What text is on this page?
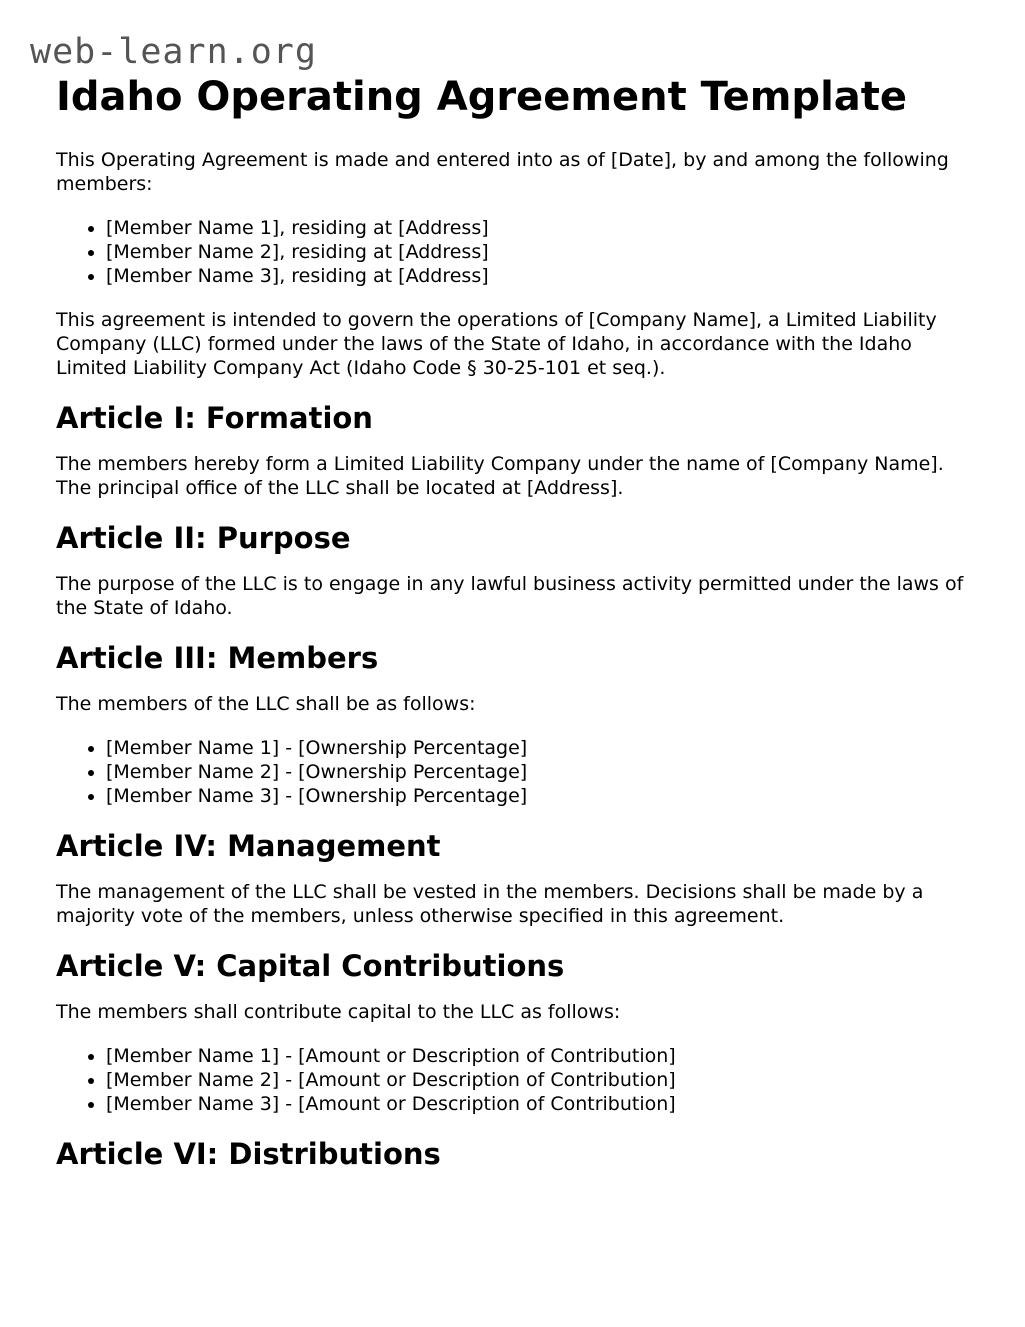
web-learn.org
Idaho Operating Agreement Template

This Operating Agreement is made and entered into as of [Date], by and among the following members:

• [Member Name 1], residing at [Address]
• [Member Name 2], residing at [Address]
• [Member Name 3], residing at [Address]

This agreement is intended to govern the operations of [Company Name], a Limited Liability Company (LLC) formed under the laws of the State of Idaho, in accordance with the Idaho Limited Liability Company Act (Idaho Code § 30-25-101 et seq.).

Article I: Formation

The members hereby form a Limited Liability Company under the name of [Company Name]. The principal office of the LLC shall be located at [Address].

Article II: Purpose

The purpose of the LLC is to engage in any lawful business activity permitted under the laws of the State of Idaho.

Article III: Members

The members of the LLC shall be as follows:

• [Member Name 1] - [Ownership Percentage]
• [Member Name 2] - [Ownership Percentage]
• [Member Name 3] - [Ownership Percentage]
Article IV: Management

The management of the LLC shall be vested in the members. Decisions shall be made by a majority vote of the members, unless otherwise specified in this agreement.

Article V: Capital Contributions

The members shall contribute capital to the LLC as follows:

• [Member Name 1] - [Amount or Description of Contribution]
• [Member Name 2] - [Amount or Description of Contribution]
• [Member Name 3] - [Amount or Description of Contribution]
Article VI: Distributions
